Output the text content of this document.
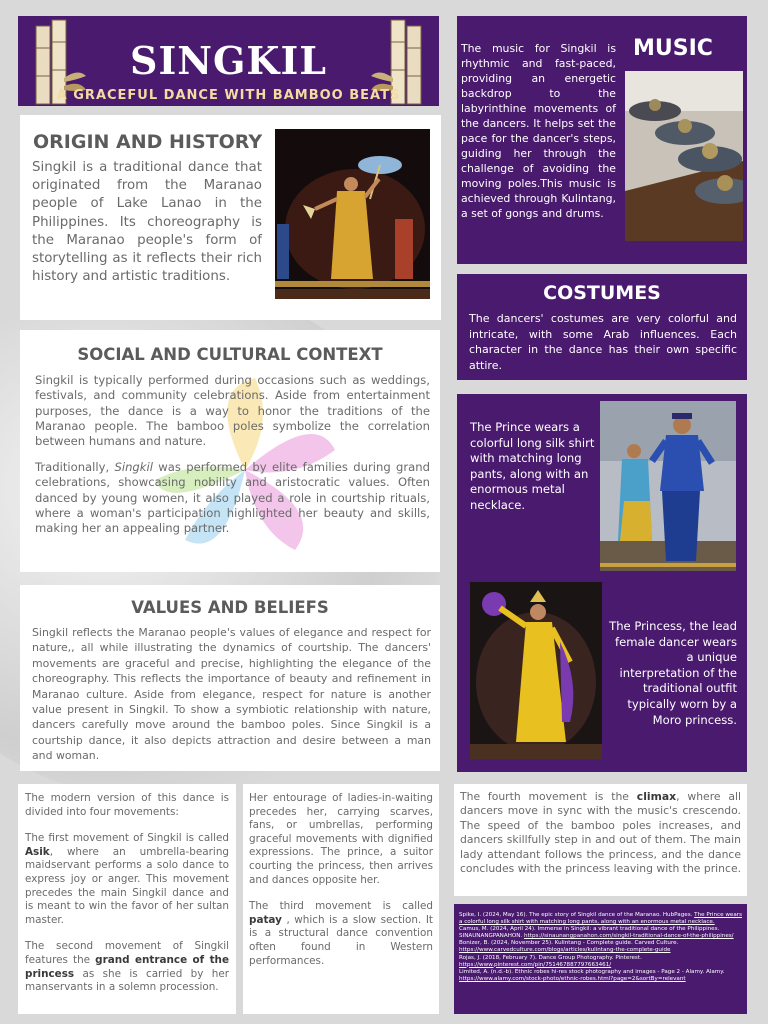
SINGKIL
A GRACEFUL DANCE WITH BAMBOO BEATS
ORIGIN AND HISTORY
Singkil is a traditional dance that originated from the Maranao people of Lake Lanao in the Philippines. Its choreography is the Maranao people's form of storytelling as it reflects their rich history and artistic traditions.
SOCIAL AND CULTURAL CONTEXT
Singkil is typically performed during occasions such as weddings, festivals, and community celebrations. Aside from entertainment purposes, the dance is a way to honor the traditions of the Maranao people. The bamboo poles symbolize the correlation between humans and nature.
Traditionally, Singkil was performed by elite families during grand celebrations, showcasing nobility and aristocratic values. Often danced by young women, it also played a role in courtship rituals, where a woman's participation highlighted her beauty and skills, making her an appealing partner.
VALUES AND BELIEFS
Singkil reflects the Maranao people's values of elegance and respect for nature,, all while illustrating the dynamics of courtship. The dancers' movements are graceful and precise, highlighting the elegance of the choreography. This reflects the importance of beauty and refinement in Maranao culture. Aside from elegance, respect for nature is another value present in Singkil. To show a symbiotic relationship with nature, dancers carefully move around the bamboo poles. Since Singkil is a courtship dance, it also depicts attraction and desire between a man and woman.

The modern version of this dance is divided into four movements:

The first movement of Singkil is called Asik, where an umbrella-bearing maidservant performs a solo dance to express joy or anger. This movement precedes the main Singkil dance and is meant to win the favor of her sultan master.

The second movement of Singkil features the grand entrance of the princess as she is carried by her manservants in a solemn procession.

Her entourage of ladies-in-waiting precedes her, carrying scarves, fans, or umbrellas, performing graceful movements with dignified expressions. The prince, a suitor courting the princess, then arrives and dances opposite her.

The third movement is called patay , which is a slow section. It is a structural dance convention often found in Western performances.

The music for Singkil is rhythmic and fast-paced, providing an energetic backdrop to the labyrinthine movements of the dancers. It helps set the pace for the dancer's steps, guiding her through the challenge of avoiding the moving poles.This music is achieved through Kulintang, a set of gongs and drums.
MUSIC
COSTUMES
The dancers' costumes are very colorful and intricate, with some Arab influences. Each character in the dance has their own specific attire.
The Prince wears a colorful long silk shirt with matching long pants, along with an enormous metal necklace.
The Princess, the lead female dancer wears a unique interpretation of the traditional outfit typically worn by a Moro princess.
The fourth movement is the climax, where all dancers move in sync with the music's crescendo. The speed of the bamboo poles increases, and dancers skillfully step in and out of them. The main lady attendant follows the princess, and the dance concludes with the princess leaving with the prince.
Spike, I. (2024, May 16). The epic story of Singkil dance of the Maranao. HubPages. The Prince wears a colorful long silk shirt with matching long pants, along with an enormous metal necklace.
Camus, M. (2024, April 24). Immerse in Singkil: a vibrant traditional dance of the Philippines. SINAUNANGPANAHON. https://sinaunangpanahon.com/singkil-traditional-dance-of-the-philippines/
Bonizer, B. (2024, November 25). Kulintang - Complete guide. Carved Culture. https://www.carvedculture.com/blogs/articles/kulintang-the-complete-guide
Rojas, J. (2018, February 7). Dance Group Photography. Pinterest. https://www.pinterest.com/pin/751467887797663461/
Limited, A. (n.d.-b). Ethnic robes hi-res stock photography and images - Page 2 - Alamy. Alamy. https://www.alamy.com/stock-photo/ethnic-robes.html?page=2&sortBy=relevant
